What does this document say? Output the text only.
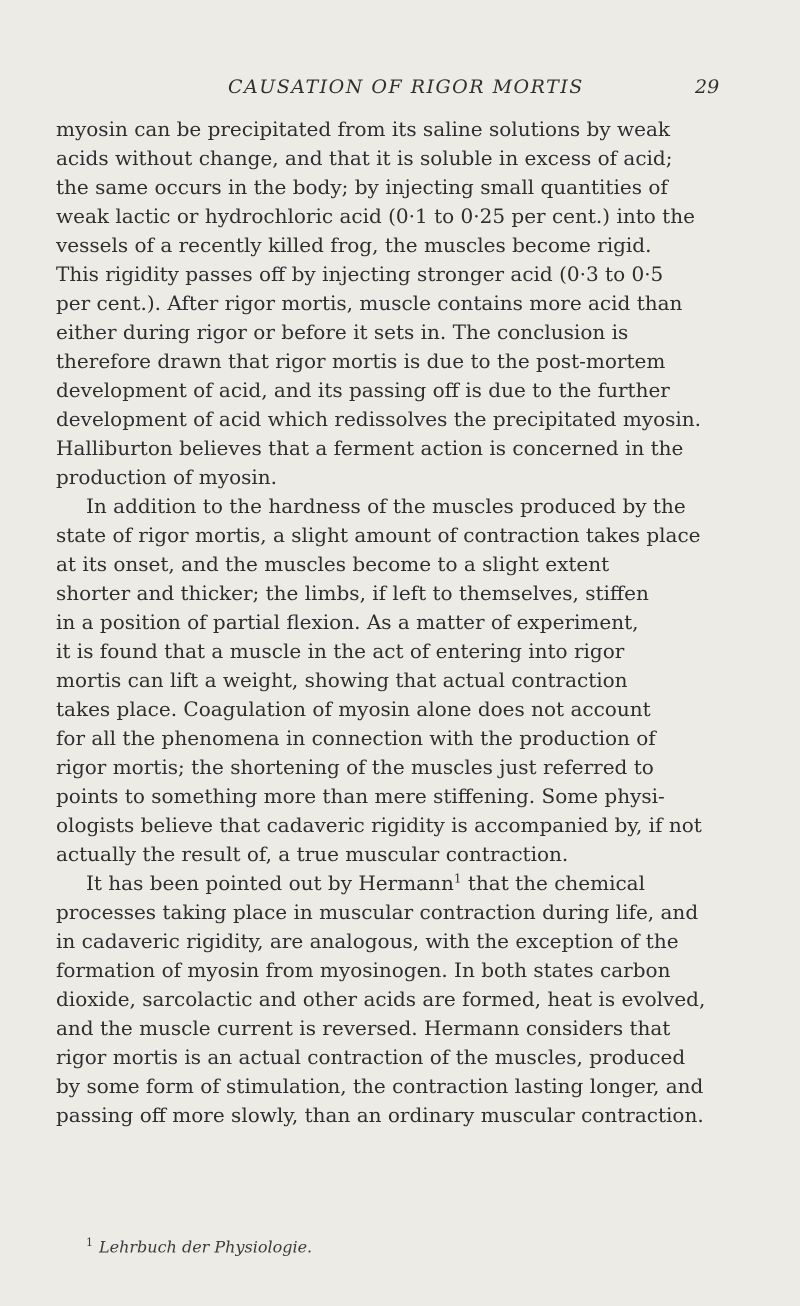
CAUSATION OF RIGOR MORTIS	29
myosin can be precipitated from its saline solutions by weak
acids without change, and that it is soluble in excess of acid;
the same occurs in the body; by injecting small quantities of
weak lactic or hydrochloric acid (0·1 to 0·25 per cent.) into the
vessels of a recently killed frog, the muscles become rigid.
This rigidity passes off by injecting stronger acid (0·3 to 0·5
per cent.). After rigor mortis, muscle contains more acid than
either during rigor or before it sets in. The conclusion is
therefore drawn that rigor mortis is due to the post-mortem
development of acid, and its passing off is due to the further
development of acid which redissolves the precipitated myosin.
Halliburton believes that a ferment action is concerned in the
production of myosin.
In addition to the hardness of the muscles produced by the
state of rigor mortis, a slight amount of contraction takes place
at its onset, and the muscles become to a slight extent
shorter and thicker; the limbs, if left to themselves, stiffen
in a position of partial flexion. As a matter of experiment,
it is found that a muscle in the act of entering into rigor
mortis can lift a weight, showing that actual contraction
takes place. Coagulation of myosin alone does not account
for all the phenomena in connection with the production of
rigor mortis; the shortening of the muscles just referred to
points to something more than mere stiffening. Some physi-
ologists believe that cadaveric rigidity is accompanied by, if not
actually the result of, a true muscular contraction.
It has been pointed out by Hermann$^1$ that the chemical
processes taking place in muscular contraction during life, and
in cadaveric rigidity, are analogous, with the exception of the
formation of myosin from myosinogen. In both states carbon
dioxide, sarcolactic and other acids are formed, heat is evolved,
and the muscle current is reversed. Hermann considers that
rigor mortis is an actual contraction of the muscles, produced
by some form of stimulation, the contraction lasting longer, and
passing off more slowly, than an ordinary muscular contraction.
$^1$ Lehrbuch der Physiologie.
